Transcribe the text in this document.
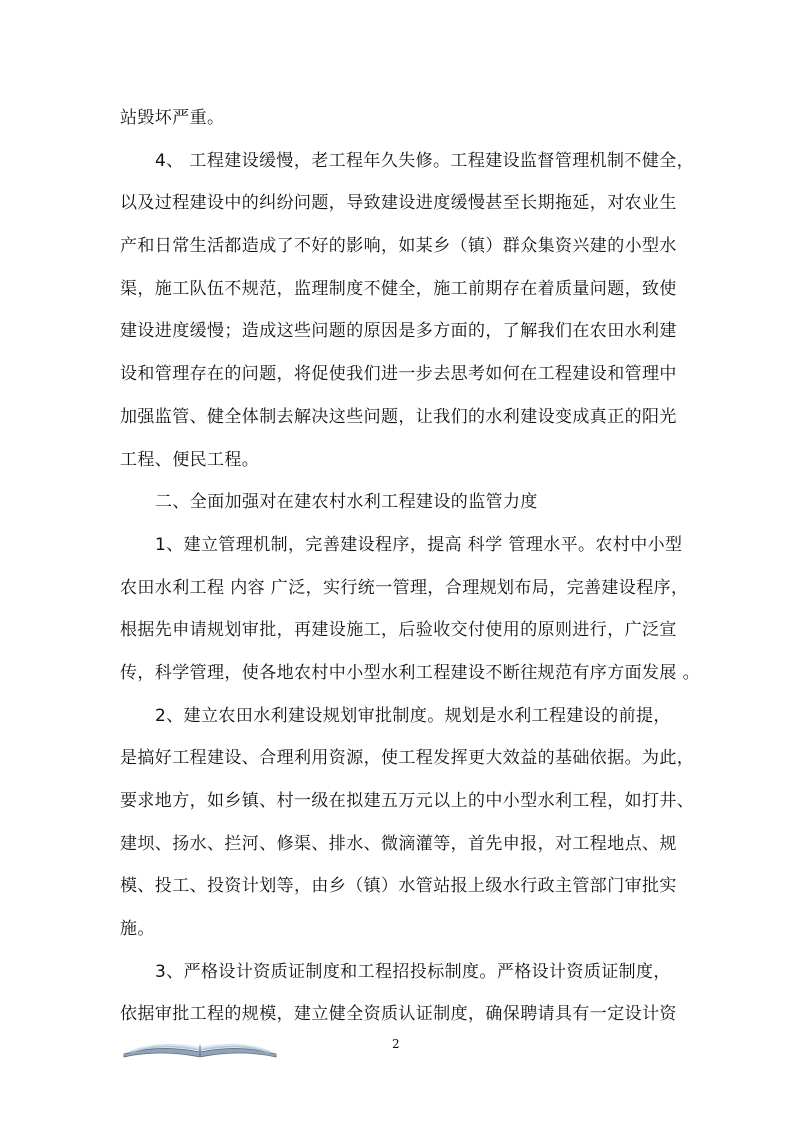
站毁坏严重。
4、 工程建设缓慢，老工程年久失修。工程建设监督管理机制不健全，
以及过程建设中的纠纷问题，导致建设进度缓慢甚至长期拖延，对农业生
产和日常生活都造成了不好的影响，如某乡（镇）群众集资兴建的小型水
渠，施工队伍不规范，监理制度不健全，施工前期存在着质量问题，致使
建设进度缓慢；造成这些问题的原因是多方面的，了解我们在农田水利建
设和管理存在的问题，将促使我们进一步去思考如何在工程建设和管理中
加强监管、健全体制去解决这些问题，让我们的水利建设变成真正的阳光
工程、便民工程。
二、全面加强对在建农村水利工程建设的监管力度
1、建立管理机制，完善建设程序，提高 科学 管理水平。农村中小型
农田水利工程 内容 广泛，实行统一管理，合理规划布局，完善建设程序，
根据先申请规划审批，再建设施工，后验收交付使用的原则进行，广泛宣
传，科学管理，使各地农村中小型水利工程建设不断往规范有序方面发展 。
2、建立农田水利建设规划审批制度。规划是水利工程建设的前提，
是搞好工程建设、合理利用资源，使工程发挥更大效益的基础依据。为此，
要求地方，如乡镇、村一级在拟建五万元以上的中小型水利工程，如打井、
建坝、扬水、拦河、修渠、排水、微滴灌等，首先申报，对工程地点、规
模、投工、投资计划等，由乡（镇）水管站报上级水行政主管部门审批实
施。
3、严格设计资质证制度和工程招投标制度。严格设计资质证制度，
依据审批工程的规模，建立健全资质认证制度，确保聘请具有一定设计资
2
